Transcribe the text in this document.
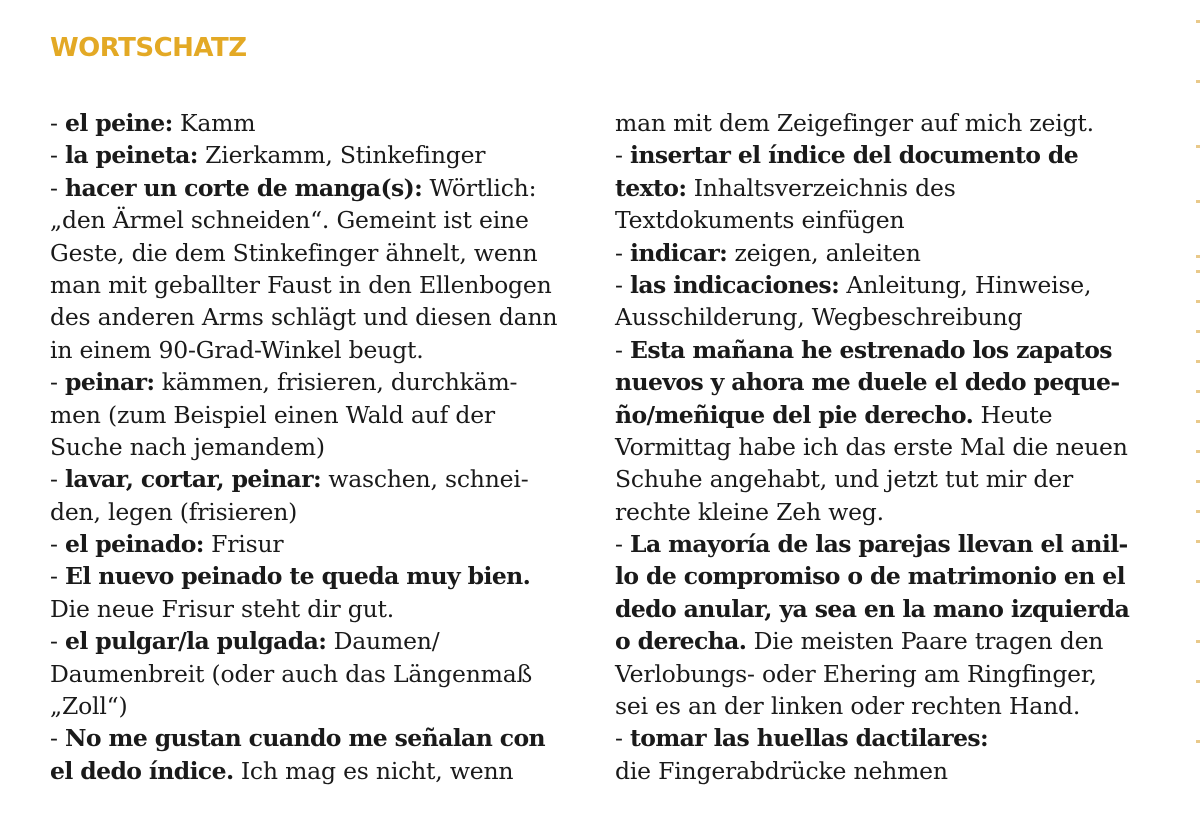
WORTSCHATZ
- el peine: Kamm
- la peineta: Zierkamm, Stinkefinger
- hacer un corte de manga(s): Wörtlich:
„den Ärmel schneiden“. Gemeint ist eine
Geste, die dem Stinkefinger ähnelt, wenn
man mit geballter Faust in den Ellenbogen
des anderen Arms schlägt und diesen dann
in einem 90-Grad-Winkel beugt.
- peinar: kämmen, frisieren, durchkäm-
men (zum Beispiel einen Wald auf der
Suche nach jemandem)
- lavar, cortar, peinar: waschen, schnei-
den, legen (frisieren)
- el peinado: Frisur
- El nuevo peinado te queda muy bien.
Die neue Frisur steht dir gut.
- el pulgar/la pulgada: Daumen/
Daumenbreit (oder auch das Längenmaß
„Zoll“)
- No me gustan cuando me señalan con
el dedo índice. Ich mag es nicht, wenn
man mit dem Zeigefinger auf mich zeigt.
- insertar el índice del documento de
texto: Inhaltsverzeichnis des
Textdokuments einfügen
- indicar: zeigen, anleiten
- las indicaciones: Anleitung, Hinweise,
Ausschilderung, Wegbeschreibung
- Esta mañana he estrenado los zapatos
nuevos y ahora me duele el dedo peque-
ño/meñique del pie derecho. Heute
Vormittag habe ich das erste Mal die neuen
Schuhe angehabt, und jetzt tut mir der
rechte kleine Zeh weg.
- La mayoría de las parejas llevan el anil-
lo de compromiso o de matrimonio en el
dedo anular, ya sea en la mano izquierda
o derecha. Die meisten Paare tragen den
Verlobungs- oder Ehering am Ringfinger,
sei es an der linken oder rechten Hand.
- tomar las huellas dactilares:
die Fingerabdrücke nehmen
